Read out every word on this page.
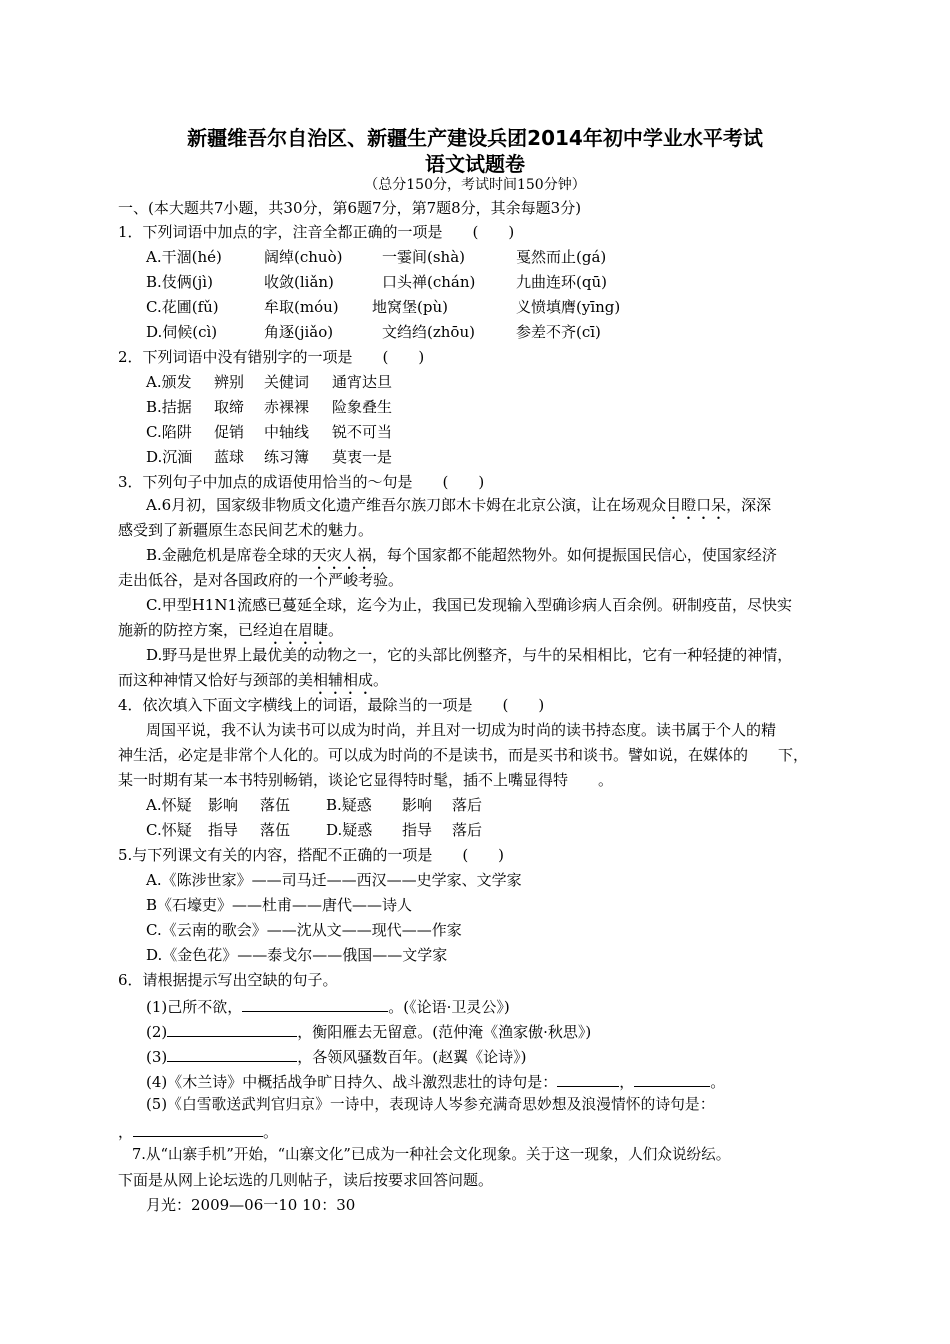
新疆维吾尔自治区、新疆生产建设兵团2014年初中学业水平考试
语文试题卷
（总分150分，考试时间150分钟）
一、(本大题共7小题，共30分，第6题7分，第7题8分，其余每题3分)
1．下列词语中加点的字，注音全都正确的一项是　　(　　)
A.干涸(hé)	阔绰(chuò)	一霎间(shà)	戛然而止(gá)
B.伎俩(jì)	收敛(liǎn)	口头禅(chán)	九曲连环(qū)
C.花圃(fǔ)	牟取(móu) 地窝堡(pù)	义愤填膺(yīng)
D.伺候(cì)	角逐(jiǎo)	文绉绉(zhōu)	参差不齐(cī)
2．下列词语中没有错别字的一项是　　(　　)
A.颁发 辨别 关健词 通宵达旦
B.拮据 取缔 赤裸裸 险象叠生
C.陷阱 促销 中轴线 锐不可当
D.沉湎 蓝球 练习簿 莫衷一是
3．下列句子中加点的成语使用恰当的～句是　　(　　)
A.6月初，国家级非物质文化遗产维吾尔族刀郎木卡姆在北京公演，让在场观众目瞪口呆，深深
感受到了新疆原生态民间艺术的魅力。
B.金融危机是席卷全球的天灾人祸，每个国家都不能超然物外。如何提振国民信心，使国家经济
走出低谷，是对各国政府的一个严峻考验。
C.甲型H1N1流感已蔓延全球，迄今为止，我国已发现输入型确诊病人百余例。研制疫苗，尽快实
施新的防控方案，已经迫在眉睫。
D.野马是世界上最优美的动物之一，它的头部比例整齐，与牛的呆相相比，它有一种轻捷的神情，
而这种神情又恰好与颈部的美相辅相成。
4．依次填入下面文字横线上的词语，最除当的一项是　　(　　)
周国平说，我不认为读书可以成为时尚，并且对一切成为时尚的读书持态度。读书属于个人的精
神生活，必定是非常个人化的。可以成为时尚的不是读书，而是买书和谈书。譬如说，在媒体的　　下，
某一时期有某一本书特别畅销，谈论它显得特时髦，插不上嘴显得特　　。
A.怀疑 影响 落伍 B.疑惑 影响 落后
C.怀疑 指导 落伍 D.疑惑 指导 落后
5.与下列课文有关的内容，搭配不正确的一项是　　(　　)
A.《陈涉世家》——司马迁——西汉——史学家、文学家
B《石壕吏》——杜甫——唐代——诗人
C.《云南的歌会》——沈从文——现代——作家
D.《金色花》——泰戈尔——俄国——文学家
6．请根据提示写出空缺的句子。
(1)己所不欲，	。(《论语·卫灵公》)
(2)	，衡阳雁去无留意。(范仲淹《渔家傲·秋思》)
(3)	，各领风骚数百年。(赵翼《论诗》)
(4)《木兰诗》中概括战争旷日持久、战斗激烈悲壮的诗句是：	，	。
(5)《白雪歌送武判官归京》一诗中，表现诗人岑参充满奇思妙想及浪漫情怀的诗句是：
，	。
7.从“山寨手机”开始，“山寨文化”已成为一种社会文化现象。关于这一现象，人们众说纷纭。
下面是从网上论坛选的几则帖子，读后按要求回答问题。
月光：2009—06一10 10：30
